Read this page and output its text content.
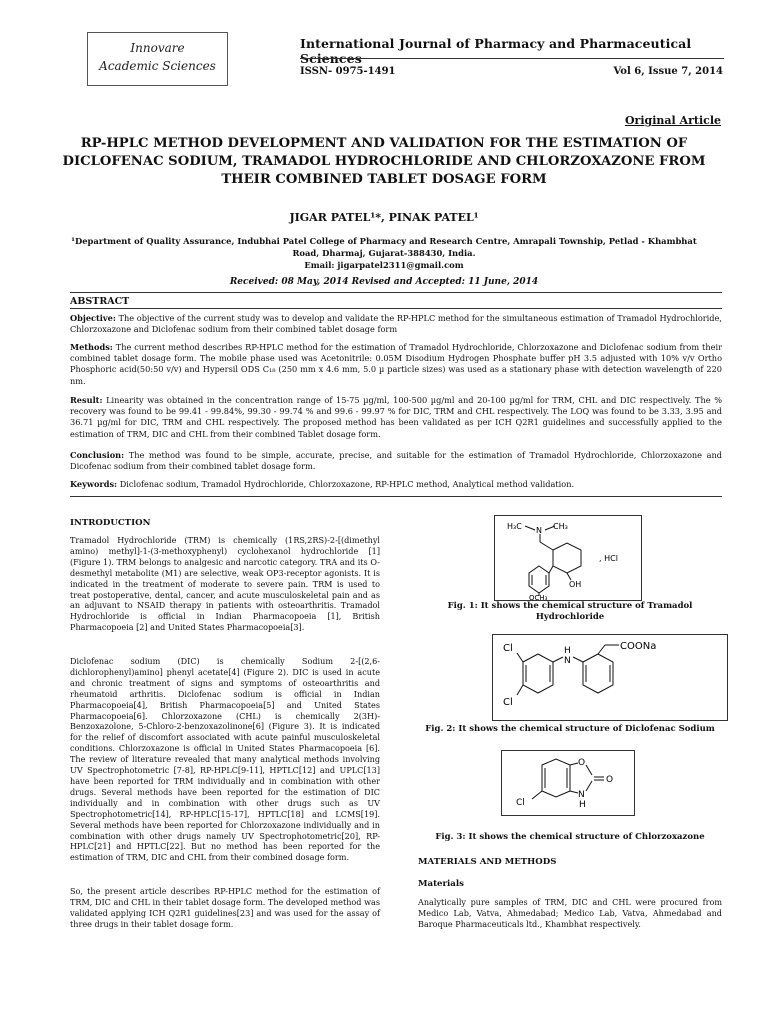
Innovare
Academic Sciences
International Journal of Pharmacy and Pharmaceutical Sciences
ISSN- 0975-1491	Vol 6, Issue 7, 2014
Original Article
RP-HPLC METHOD DEVELOPMENT AND VALIDATION FOR THE ESTIMATION OF DICLOFENAC SODIUM, TRAMADOL HYDROCHLORIDE AND CHLORZOXAZONE FROM THEIR COMBINED TABLET DOSAGE FORM
JIGAR PATEL¹*, PINAK PATEL¹
¹Department of Quality Assurance, Indubhai Patel College of Pharmacy and Research Centre, Amrapali Township, Petlad - Khambhat Road, Dharmaj, Gujarat-388430, India.
Email: jigarpatel2311@gmail.com
Received: 08 May, 2014 Revised and Accepted: 11 June, 2014
ABSTRACT
Objective: The objective of the current study was to develop and validate the RP-HPLC method for the simultaneous estimation of Tramadol Hydrochloride, Chlorzoxazone and Diclofenac sodium from their combined tablet dosage form
Methods: The current method describes RP-HPLC method for the estimation of Tramadol Hydrochloride, Chlorzoxazone and Diclofenac sodium from their combined tablet dosage form. The mobile phase used was Acetonitrile: 0.05M Disodium Hydrogen Phosphate buffer pH 3.5 adjusted with 10% v/v Ortho Phosphoric acid(50:50 v/v) and Hypersil ODS C₁₈ (250 mm x 4.6 mm, 5.0 µ particle sizes) was used as a stationary phase with detection wavelength of 220 nm.
Result: Linearity was obtained in the concentration range of 15-75 µg/ml, 100-500 µg/ml and 20-100 µg/ml for TRM, CHL and DIC respectively. The % recovery was found to be 99.41 - 99.84%, 99.30 - 99.74 % and 99.6 - 99.97 % for DIC, TRM and CHL respectively. The LOQ was found to be 3.33, 3.95 and 36.71 µg/ml for DIC, TRM and CHL respectively. The proposed method has been validated as per ICH Q2R1 guidelines and successfully applied to the estimation of TRM, DIC and CHL from their combined Tablet dosage form.
Conclusion: The method was found to be simple, accurate, precise, and suitable for the estimation of Tramadol Hydrochloride, Chlorzoxazone and Dicofenac sodium from their combined tablet dosage form.
Keywords: Diclofenac sodium, Tramadol Hydrochloride, Chlorzoxazone, RP-HPLC method, Analytical method validation.
INTRODUCTION
Tramadol Hydrochloride (TRM) is chemically (1RS,2RS)-2-[(dimethyl amino) methyl]-1-(3-methoxyphenyl) cyclohexanol hydrochloride [1] (Figure 1). TRM belongs to analgesic and narcotic category. TRA and its O-desmethyl metabolite (M1) are selective, weak OP3-receptor agonists. It is indicated in the treatment of moderate to severe pain. TRM is used to treat postoperative, dental, cancer, and acute musculoskeletal pain and as an adjuvant to NSAID therapy in patients with osteoarthritis. Tramadol Hydrochloride is official in Indian Pharmacopoeia [1], British Pharmacopoeia [2] and United States Pharmacopoeia[3].
Diclofenac sodium (DIC) is chemically Sodium 2-[(2,6-dichlorophenyl)amino] phenyl acetate[4] (Figure 2). DIC is used in acute and chronic treatment of signs and symptoms of osteoarthritis and rheumatoid arthritis. Diclofenac sodium is official in Indian Pharmacopoeia[4], British Pharmacopoeia[5] and United States Pharmacopoeia[6]. Chlorzoxazone (CHL) is chemically 2(3H)-Benzoxazolone, 5-Chloro-2-benzoxazolinone[6] (Figure 3). It is indicated for the relief of discomfort associated with acute painful musculoskeletal conditions. Chlorzoxazone is official in United States Pharmacopoeia [6]. The review of literature revealed that many analytical methods involving UV Spectrophotometric [7-8], RP-HPLC[9-11], HPTLC[12] and UPLC[13] have been reported for TRM individually and in combination with other drugs. Several methods have been reported for the estimation of DIC individually and in combination with other drugs such as UV Spectrophotometric[14], RP-HPLC[15-17], HPTLC[18] and LCMS[19]. Several methods have been reported for Chlorzoxazone individually and in combination with other drugs namely UV Spectrophotometric[20], RP-HPLC[21] and HPTLC[22]. But no method has been reported for the estimation of TRM, DIC and CHL from their combined dosage form.
So, the present article describes RP-HPLC method for the estimation of TRM, DIC and CHL in their tablet dosage form. The developed method was validated applying ICH Q2R1 guidelines[23] and was used for the assay of three drugs in their tablet dosage form.
H₃C N CH₃
, HCl
OH
OCH₃
Fig. 1: It shows the chemical structure of Tramadol Hydrochloride
Cl
Cl
H
N
COONa
Fig. 2: It shows the chemical structure of Diclofenac Sodium
O
O
Cl
N
H
Fig. 3: It shows the chemical structure of Chlorzoxazone
MATERIALS AND METHODS
Materials
Analytically pure samples of TRM, DIC and CHL were procured from Medico Lab, Vatva, Ahmedabad; Medico Lab, Vatva, Ahmedabad and Baroque Pharmaceuticals ltd., Khambhat respectively.
